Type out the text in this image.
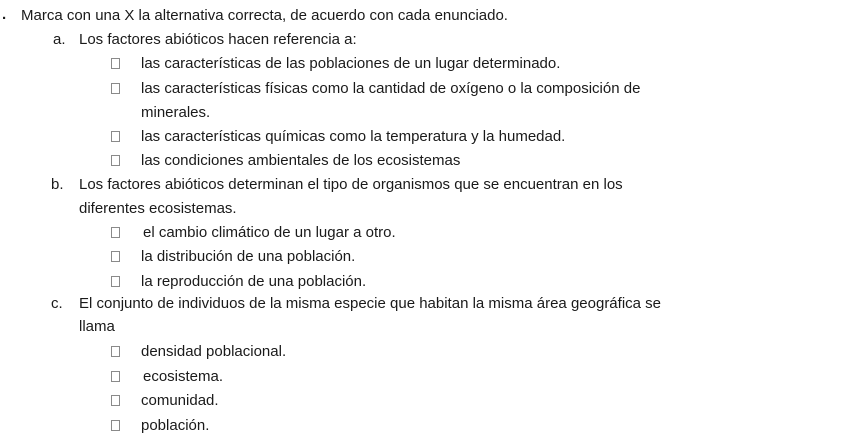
. Marca con una X la alternativa correcta, de acuerdo con cada enunciado.
a. Los factores abióticos hacen referencia a:
las características de las poblaciones de un lugar determinado.
las características físicas como la cantidad de oxígeno o la composición de
minerales.
las características químicas como la temperatura y la humedad.
las condiciones ambientales de los ecosistemas
b. Los factores abióticos determinan el tipo de organismos que se encuentran en los
diferentes ecosistemas.
el cambio climático de un lugar a otro.
la distribución de una población.
la reproducción de una población.
c. El conjunto de individuos de la misma especie que habitan la misma área geográfica se
llama
densidad poblacional.
ecosistema.
comunidad.
población.
